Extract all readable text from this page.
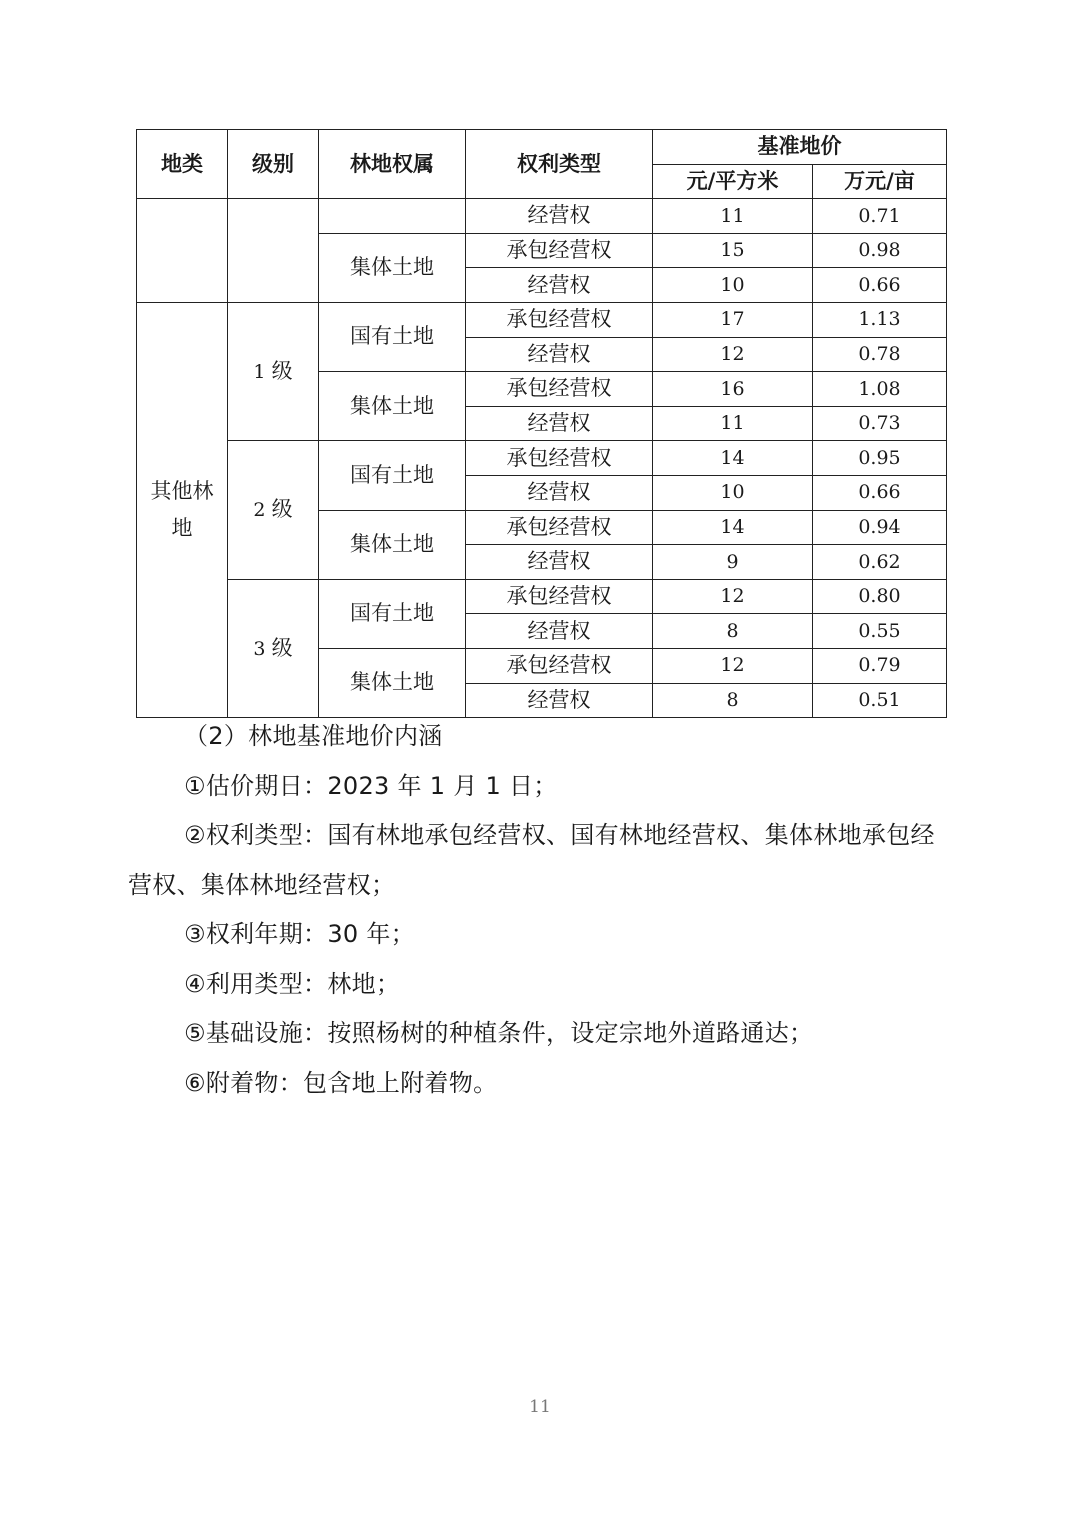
地类	级别	林地权属	权利类型	基准地价	
				元/平方米	万元/亩
			经营权	11	0.71
		集体土地	承包经营权	15	0.98
			经营权	10	0.66
其他林
地	1 级	国有土地	承包经营权	17	1.13
			经营权	12	0.78
		集体土地	承包经营权	16	1.08
			经营权	11	0.73
	2 级	国有土地	承包经营权	14	0.95
			经营权	10	0.66
		集体土地	承包经营权	14	0.94
			经营权	9	0.62
	3 级	国有土地	承包经营权	12	0.80
			经营权	8	0.55
		集体土地	承包经营权	12	0.79
			经营权	8	0.51

（2）林地基准地价内涵

①估价期日：2023 年 1 月 1 日；

②权利类型：国有林地承包经营权、国有林地经营权、集体林地承包经营权、集体林地经营权；

③权利年期：30 年；

④利用类型：林地；

⑤基础设施：按照杨树的种植条件，设定宗地外道路通达；

⑥附着物：包含地上附着物。

11
